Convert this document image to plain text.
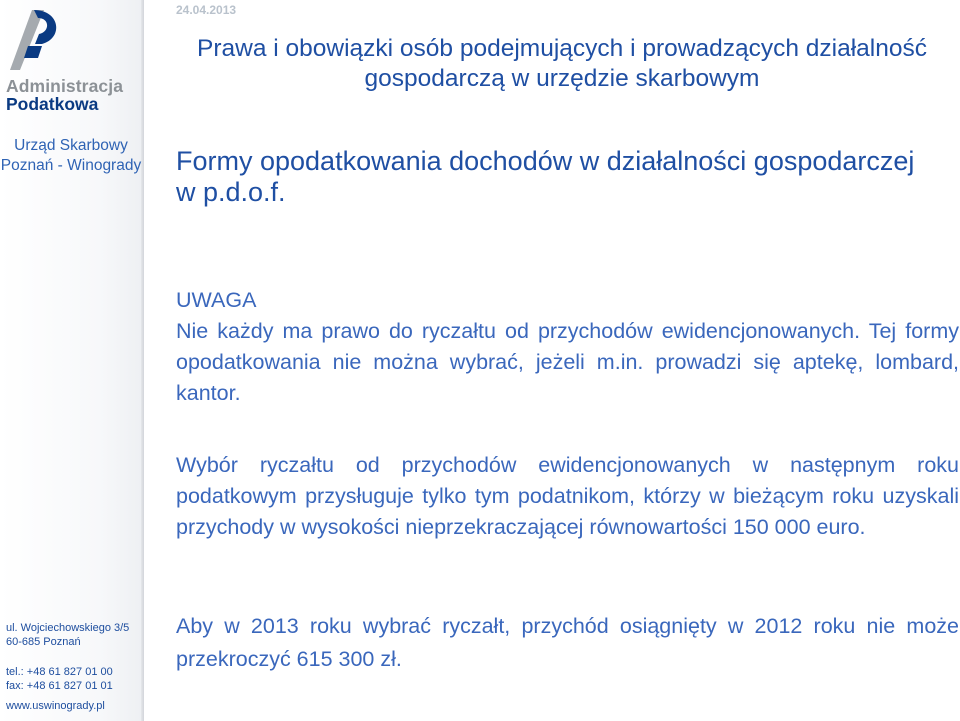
Administracja
Podatkowa
Urząd Skarbowy Poznań - Winogrady
ul. Wojciechowskiego 3/5
60-685 Poznań
tel.: +48 61 827 01 00
fax: +48 61 827 01 01
www.uswinogrady.pl
24.04.2013
Prawa i obowiązki osób podejmujących i prowadzących działalność gospodarczą w urzędzie skarbowym
Formy opodatkowania dochodów w działalności gospodarczej w p.d.o.f.
UWAGA
Nie każdy ma prawo do ryczałtu od przychodów ewidencjonowanych. Tej formy opodatkowania nie można wybrać, jeżeli m.in. prowadzi się aptekę, lombard, kantor.
Wybór ryczałtu od przychodów ewidencjonowanych w następnym roku podatkowym przysługuje tylko tym podatnikom, którzy w bieżącym roku uzyskali przychody w wysokości nieprzekraczającej równowartości 150 000 euro.
Aby w 2013 roku wybrać ryczałt, przychód osiągnięty w 2012 roku nie może przekroczyć 615 300 zł.
